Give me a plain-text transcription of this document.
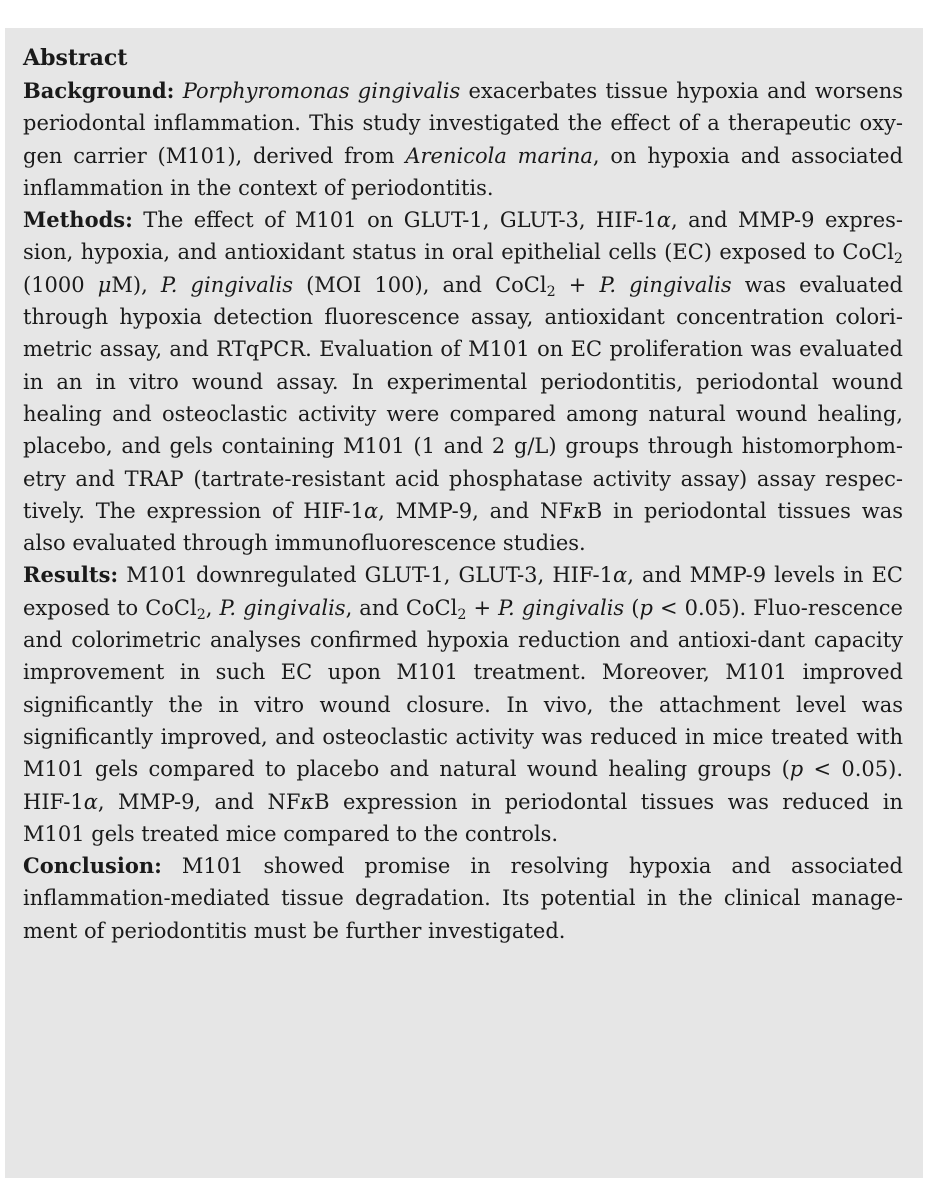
Abstract

Background: Porphyromonas gingivalis exacerbates tissue hypoxia and worsens periodontal inflammation. This study investigated the effect of a therapeutic oxy-gen carrier (M101), derived from Arenicola marina, on hypoxia and associated inflammation in the context of periodontitis.

Methods: The effect of M101 on GLUT-1, GLUT-3, HIF-1α, and MMP-9 expres-sion, hypoxia, and antioxidant status in oral epithelial cells (EC) exposed to CoCl$_2$ (1000 μM), P. gingivalis (MOI 100), and CoCl$_2$ + P. gingivalis was evaluated through hypoxia detection fluorescence assay, antioxidant concentration colori-metric assay, and RTqPCR. Evaluation of M101 on EC proliferation was evaluated in an in vitro wound assay. In experimental periodontitis, periodontal wound healing and osteoclastic activity were compared among natural wound healing, placebo, and gels containing M101 (1 and 2 g/L) groups through histomorphom-etry and TRAP (tartrate-resistant acid phosphatase activity assay) assay respec-tively. The expression of HIF-1α, MMP-9, and NFκB in periodontal tissues was also evaluated through immunofluorescence studies.

Results: M101 downregulated GLUT-1, GLUT-3, HIF-1α, and MMP-9 levels in EC exposed to CoCl$_2$, P. gingivalis, and CoCl$_2$ + P. gingivalis (p < 0.05). Fluo-rescence and colorimetric analyses confirmed hypoxia reduction and antioxi-dant capacity improvement in such EC upon M101 treatment. Moreover, M101 improved significantly the in vitro wound closure. In vivo, the attachment level was significantly improved, and osteoclastic activity was reduced in mice treated with M101 gels compared to placebo and natural wound healing groups (p < 0.05). HIF-1α, MMP-9, and NFκB expression in periodontal tissues was reduced in M101 gels treated mice compared to the controls.

Conclusion: M101 showed promise in resolving hypoxia and associated inflammation-mediated tissue degradation. Its potential in the clinical manage-ment of periodontitis must be further investigated.
